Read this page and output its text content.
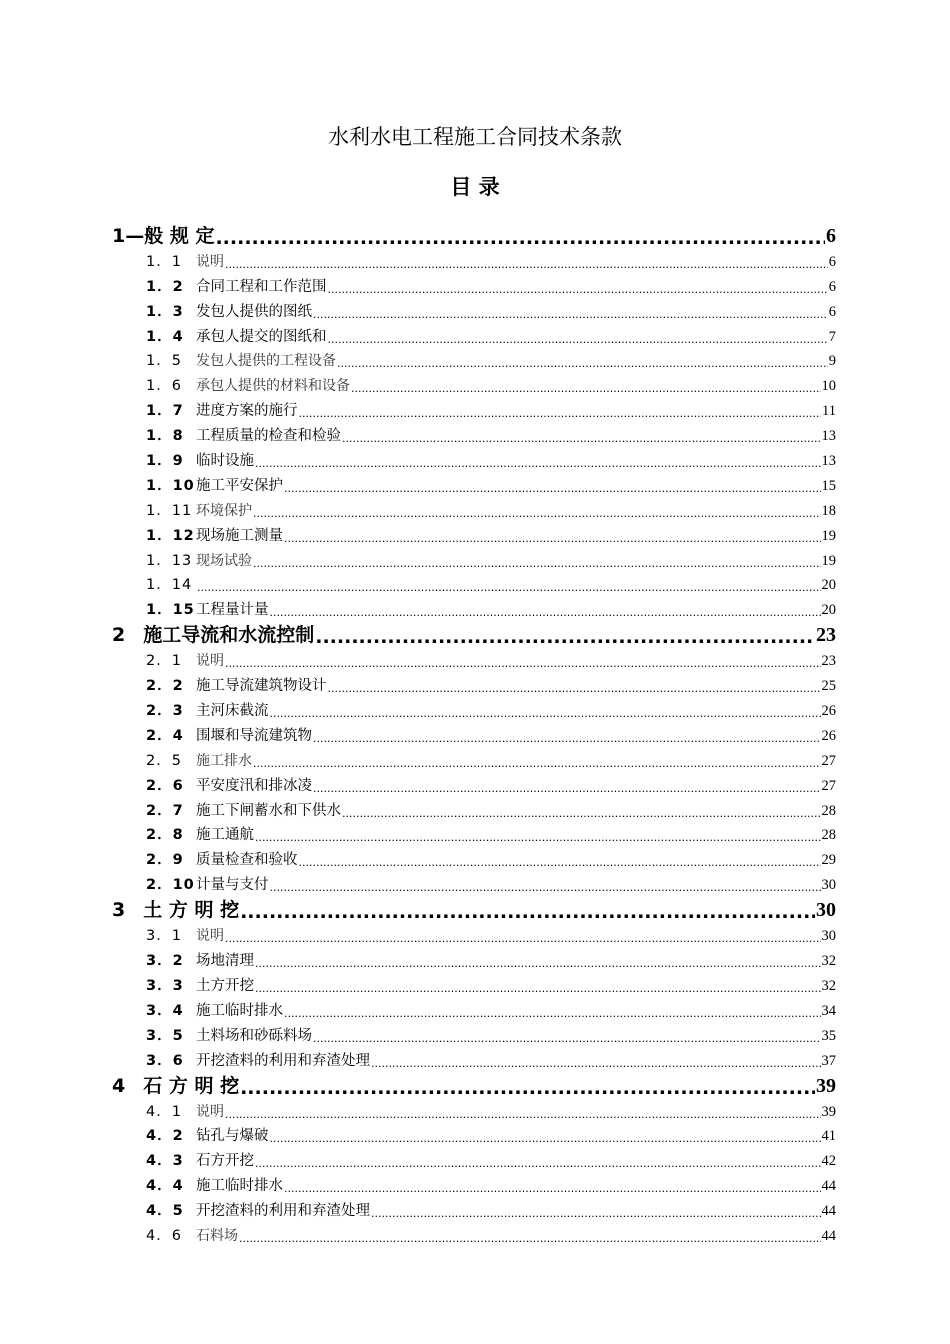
水利水电工程施工合同技术条款
目 录
1 —般 规 定 .....	6
1．1	说明 .....	6
1．2 合同工程和工作范围 .....	6
1．3 发包人提供的图纸 .....	6
1．4 承包人提交的图纸和 .....	7
1．5	发包人提供的工程设备 .....	9
1．6	承包人提供的材料和设备 .....	10
1．7 进度方案的施行 .....	11
1．8 工程质量的检查和检验 .....	13
1．9 临时设施 .....	13
1．10 施工平安保护 .....	15
1．11 环境保护 .....	18
1．12 现场施工测量 .....	19
1．13 现场试验 .....	19
1．14 .....	20
1．15 工程量计量 .....	20
2 施工导流和水流控制 .....	23
2．1	说明 .....	23
2．2 施工导流建筑物设计 .....	25
2．3 主河床截流 .....	26
2．4 围堰和导流建筑物 .....	26
2．5	施工排水 .....	27
2．6 平安度汛和排冰凌 .....	27
2．7 施工下闸蓄水和下供水 .....	28
2．8 施工通航 .....	28
2．9 质量检查和验收 .....	29
2．10 计量与支付 .....	30
3 土 方 明 挖 .....	30
3．1	说明 .....	30
3．2 场地清理 .....	32
3．3 土方开挖 .....	32
3．4 施工临时排水 .....	34
3．5 土料场和砂砾料场 .....	35
3．6 开挖渣料的利用和弃渣处理 .....	37
4 石 方 明 挖 .....	39
4．1	说明 .....	39
4．2 钻孔与爆破 .....	41
4．3 石方开挖 .....	42
4．4 施工临时排水 .....	44
4．5 开挖渣料的利用和弃渣处理 .....	44
4．6	石料场 .....	44
